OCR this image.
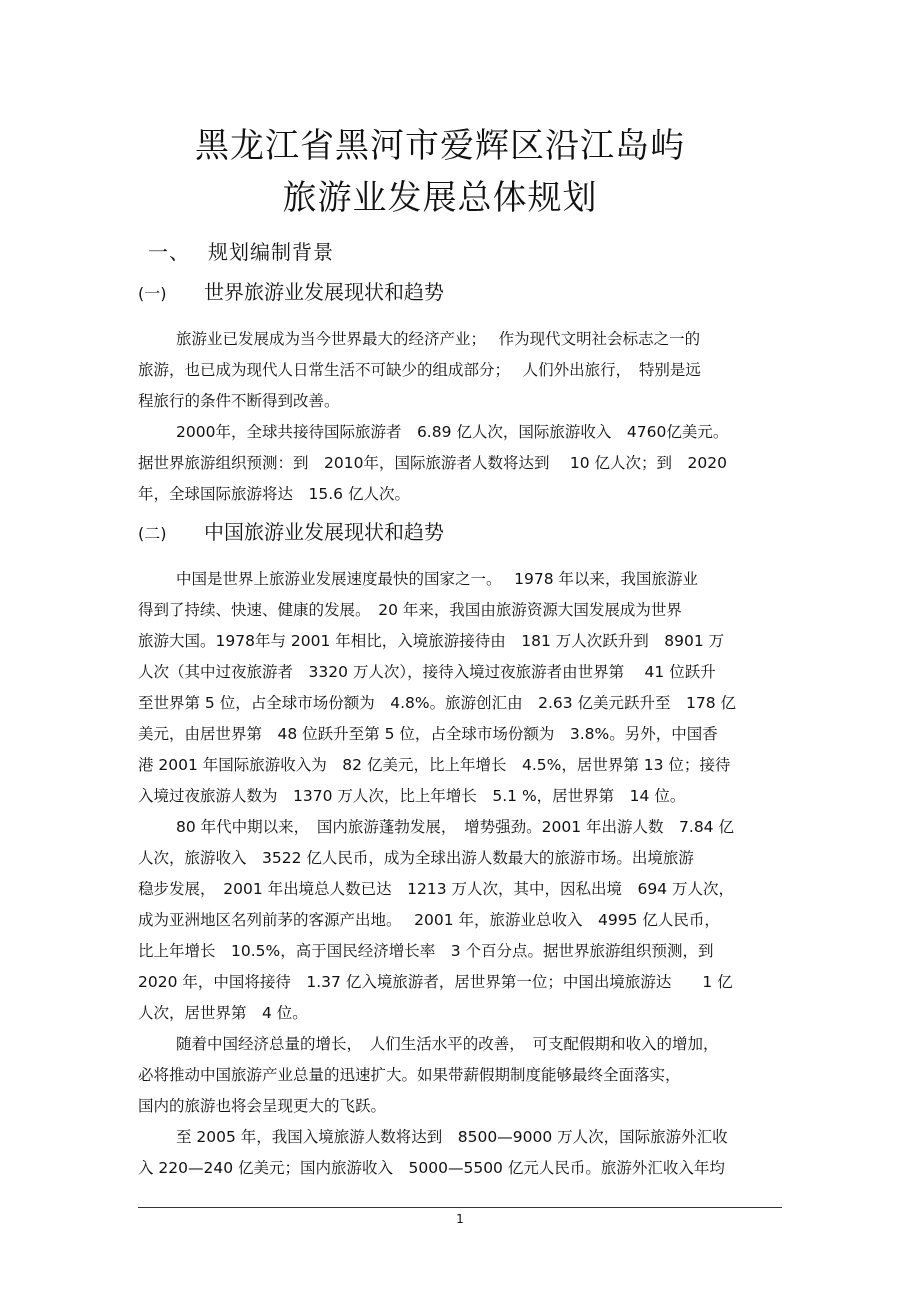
黑龙江省黑河市爱辉区沿江岛屿
旅游业发展总体规划
一、 规划编制背景
(一) 世界旅游业发展现状和趋势

旅游业已发展成为当今世界最大的经济产业；　 作为现代文明社会标志之一的

旅游，也已成为现代人日常生活不可缺少的组成部分；　 人们外出旅行，　特别是远

程旅行的条件不断得到改善。

2000年，全球共接待国际旅游者　6.89 亿人次，国际旅游收入　4760亿美元。

据世界旅游组织预测：到　2010年，国际旅游者人数将达到　 10 亿人次；到　2020

年，全球国际旅游将达　15.6 亿人次。

(二) 中国旅游业发展现状和趋势

中国是世界上旅游业发展速度最快的国家之一。　 1978 年以来，我国旅游业

得到了持续、快速、健康的发展。　20 年来，我国由旅游资源大国发展成为世界

旅游大国。1978年与 2001 年相比，入境旅游接待由　181 万人次跃升到　8901 万

人次（其中过夜旅游者　3320 万人次），接待入境过夜旅游者由世界第　 41 位跃升

至世界第 5 位，占全球市场份额为　4.8%。旅游创汇由　2.63 亿美元跃升至　178 亿

美元，由居世界第　48 位跃升至第 5 位，占全球市场份额为　3.8%。另外，中国香

港 2001 年国际旅游收入为　82 亿美元，比上年增长　4.5%，居世界第 13 位；接待

入境过夜旅游人数为　1370 万人次，比上年增长　5.1 %，居世界第　14 位。

80 年代中期以来，　国内旅游蓬勃发展，　增势强劲。2001 年出游人数　7.84 亿

人次，旅游收入　3522 亿人民币，成为全球出游人数最大的旅游市场。出境旅游

稳步发展，　2001 年出境总人数已达　1213 万人次，其中，因私出境　694 万人次，

成为亚洲地区名列前茅的客源产出地。　 2001 年，旅游业总收入　4995 亿人民币，

比上年增长　10.5%，高于国民经济增长率　3 个百分点。据世界旅游组织预测，到

2020 年，中国将接待　1.37 亿入境旅游者，居世界第一位；中国出境旅游达　　1 亿

人次，居世界第　4 位。

随着中国经济总量的增长，　人们生活水平的改善，　可支配假期和收入的增加，

必将推动中国旅游产业总量的迅速扩大。如果带薪假期制度能够最终全面落实，

国内的旅游也将会呈现更大的飞跃。

至 2005 年，我国入境旅游人数将达到　8500—9000 万人次，国际旅游外汇收

入 220—240 亿美元；国内旅游收入　5000—5500 亿元人民币。旅游外汇收入年均

1
